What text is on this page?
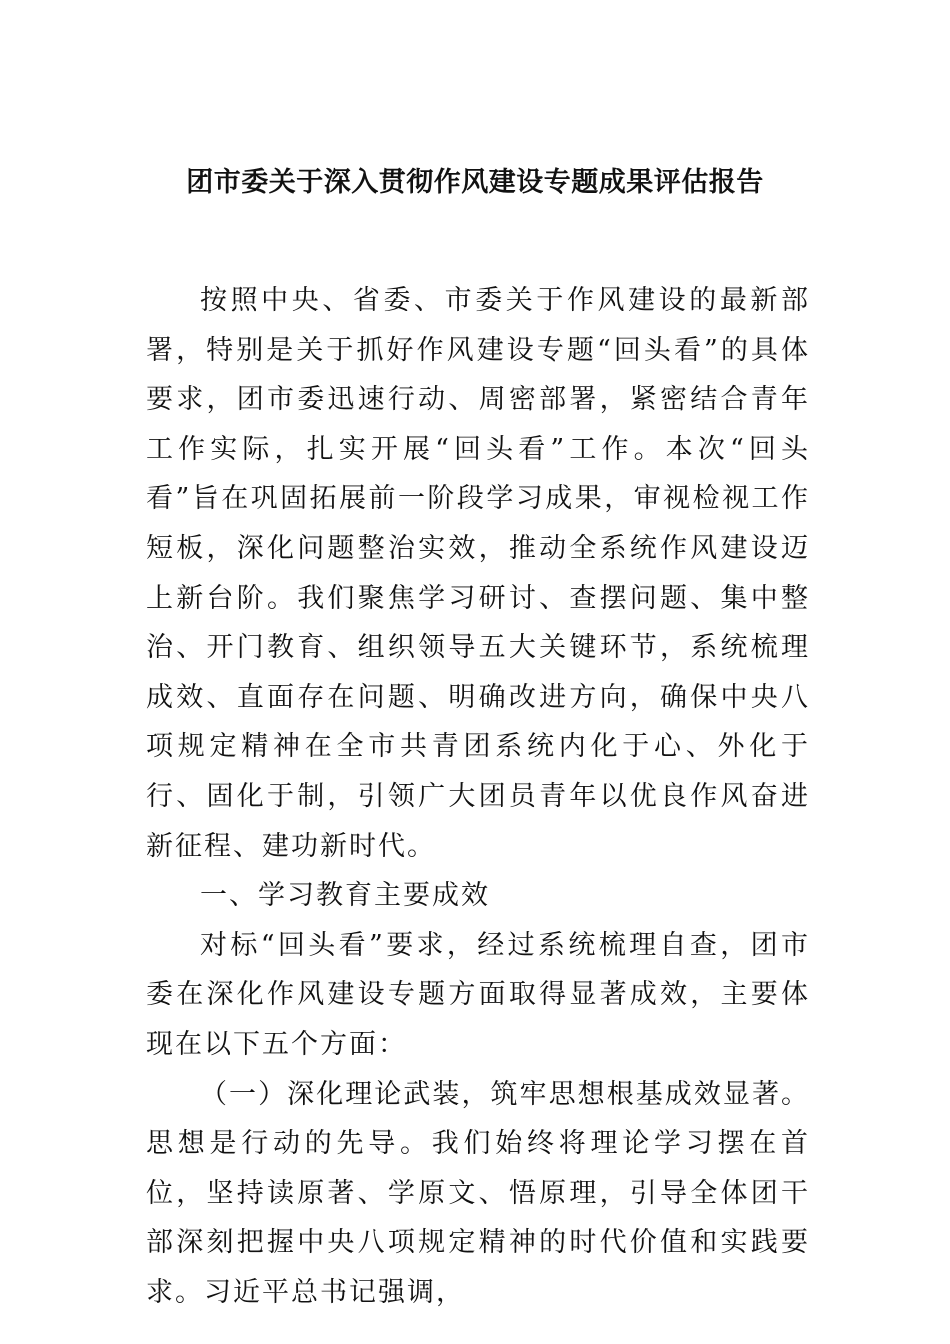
团市委关于深入贯彻作风建设专题成果评估报告

按照中央、省委、市委关于作风建设的最新部署，特别是关于抓好作风建设专题“回头看”的具体要求，团市委迅速行动、周密部署，紧密结合青年工作实际，扎实开展“回头看”工作。本次“回头看”旨在巩固拓展前一阶段学习成果，审视检视工作短板，深化问题整治实效，推动全系统作风建设迈上新台阶。我们聚焦学习研讨、查摆问题、集中整治、开门教育、组织领导五大关键环节，系统梳理成效、直面存在问题、明确改进方向，确保中央八项规定精神在全市共青团系统内化于心、外化于行、固化于制，引领广大团员青年以优良作风奋进新征程、建功新时代。

一、学习教育主要成效

对标“回头看”要求，经过系统梳理自查，团市委在深化作风建设专题方面取得显著成效，主要体现在以下五个方面：

（一）深化理论武装，筑牢思想根基成效显著。思想是行动的先导。我们始终将理论学习摆在首位，坚持读原著、学原文、悟原理，引导全体团干部深刻把握中央八项规定精神的时代价值和实践要求。习近平总书记强调，
